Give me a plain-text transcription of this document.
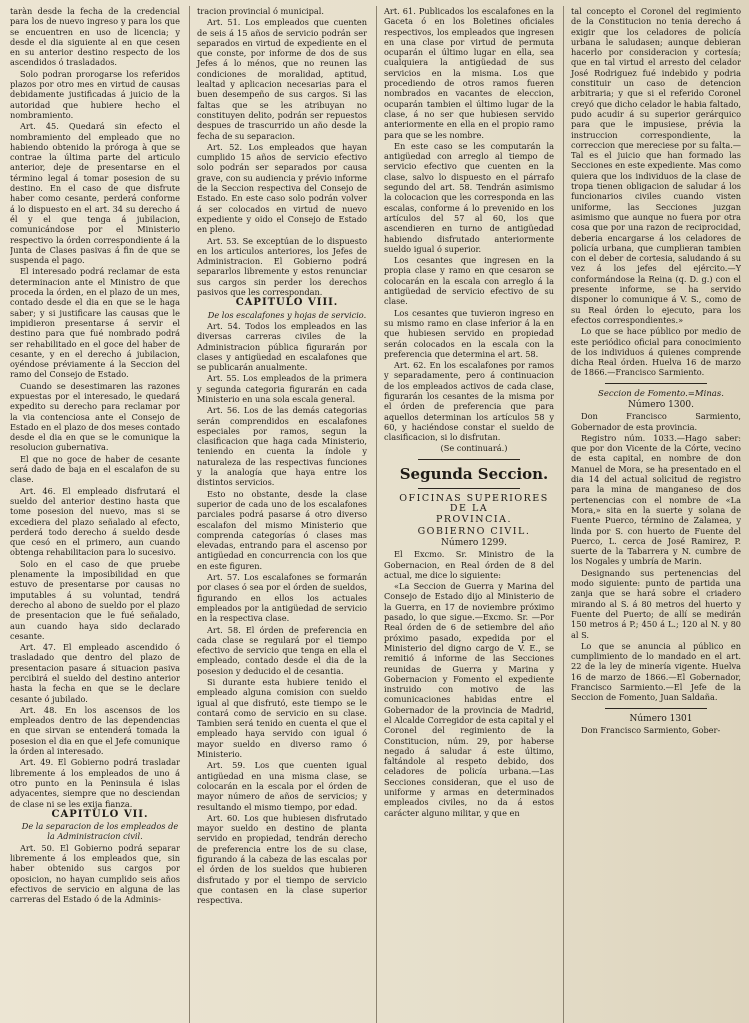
taràn desde la fecha de la credencial para los de nuevo ingreso y para los que se encuentren en uso de licencia; y desde el dia siguiente al en que cesen en su anterior destino respecto de los ascendidos ó trasladados.

Solo podran prorogarse los referidos plazos por otro mes en virtud de causas debidamente justificadas á juicio de la autoridad que hubiere hecho el nombramiento.

Art. 45. Quedará sin efecto el nombramiento del empleado que no habiendo obtenido la próroga à que se contrae la última parte del articulo anterior, deje de presentarse en el término legal á tomar posesion de su destino. En el caso de que disfrute haber como cesante, perderá conforme á lo dispuesto en el art. 34 su derecho á él y el que tenga á jubilacion, comunicándose por el Ministerio respectivo la órden correspondiente á la Junta de Clases pasivas á fin de que se suspenda el pago.

El interesado podrá reclamar de esta determinacion ante el Ministro de que proceda la órden, en el plazo de un mes, contado desde el dia en que se le haga saber; y si justificare las causas que le impidieron presentarse á servir el destino para que fué nombrado podrá ser rehabilitado en el goce del haber de cesante, y en el derecho á jubilacion, oyéndose préviamente á la Seccion del ramo del Consejo de Estado.

Cuando se desestimaren las razones expuestas por el interesado, le quedará expedito su derecho para reclamar por la via contenciosa ante el Consejo de Estado en el plazo de dos meses contado desde el dia en que se le comunique la resolucion gubernativa.

El que no goce de haber de cesante será dado de baja en el escalafon de su clase.

Art. 46. El empleado disfrutará el sueldo del anterior destino hasta que tome posesion del nuevo, mas si se excediera del plazo señalado al efecto, perderá todo derecho á sueldo desde que cesó en el primero, aun cuando obtenga rehabilitacion para lo sucesivo.

Solo en el caso de que pruebe plenamente la imposibilidad en que estuvo de presentarse por causas no imputables á su voluntad, tendrá derecho al abono de sueldo por el plazo de presentacion que le fué señalado, aun cuando haya sido declarado cesante.

Art. 47. El empleado ascendido ó trasladado que dentro del plazo de presentacion pasare á situacion pasiva percibirá el sueldo del destino anterior hasta la fecha en que se le declare cesante ó jubilado.

Art. 48. En los ascensos de los empleados dentro de las dependencias en que sirvan se entenderá tomada la posesion el dia en que el Jefe comunique la órden al interesado.

Art. 49. El Gobierno podrá trasladar libremente á los empleados de uno á otro punto en la Peninsula é islas adyacentes, siempre que no desciendan de clase ni se les exija fianza.

CAPITULO VII.

De la separacion de los empleados de la Administracion civil.

Art. 50. El Gobierno podrá separar libremente á los empleados que, sin haber obtenido sus cargos por oposicion, no hayan cumplido seis años efectivos de servicio en alguna de las carreras del Estado ó de la Adminis-

tracion provincial ó municipal.

Art. 51. Los empleados que cuenten de seis á 15 años de servicio podrán ser separados en virtud de expediente en el que conste, por informe de dos de sus Jefes á lo ménos, que no reunen las condiciones de moralidad, aptitud, lealtad y aplicacion necesarias para el buen desempeño de sus cargos. Si las faltas que se les atribuyan no constituyen delito, podrán ser repuestos despues de trascurrido un año desde la fecha de su separacion.

Art. 52. Los empleados que hayan cumplido 15 años de servicio efectivo solo podrán ser separados por causa grave, con su audiencia y prévio informe de la Seccion respectiva del Consejo de Estado. En este caso solo podrán volver á ser colocados en virtud de nuevo expediente y oido el Consejo de Estado en pleno.

Art. 53. Se exceptúan de lo dispuesto en los articulos anteriores, los Jefes de Administracion. El Gobierno podrá separarlos libremente y estos renunciar sus cargos sin perder los derechos pasivos que les correspondan.

CAPITULO VIII.

De los escalafones y hojas de servicio.

Art. 54. Todos los empleados en las diversas carreras civiles de la Administracion pública figurarán por clases y antigüedad en escalafones que se publicarán anualmente.

Art. 55. Los empleados de la primera y segunda categoria figurarán en cada Ministerio en una sola escala general.

Art. 56. Los de las demás categorias serán comprendidos en escalafones especiales por ramos, segun la clasificacion que haga cada Ministerio, teniendo en cuenta la índole y naturaleza de las respectivas funciones y la analogía que haya entre los distintos servicios.

Esto no obstante, desde la clase superior de cada uno de los escalafones parciales podrá pasarse á otro diverso escalafon del mismo Ministerio que comprenda categorías ó clases mas elevadas, entrando para el ascenso por antigüedad en concurrencia con los que en este figuren.

Art. 57. Los escalafones se formarán por clases ó sea por el órden de sueldos, figurando en ellos los actuales empleados por la antigüedad de servicio en la respectiva clase.

Art. 58. El órden de preferencia en cada clase se regulará por el tiempo efectivo de servicio que tenga en ella el empleado, contado desde el dia de la posesion y deducido el de cesantia.

Si durante esta hubiere tenido el empleado alguna comision con sueldo igual al que disfrutó, este tiempo se le contará como de servicio en su clase. Tambien será tenido en cuenta el que el empleado haya servido con igual ó mayor sueldo en diverso ramo ó Ministerio.

Art. 59. Los que cuenten igual antigüedad en una misma clase, se colocarán en la escala por el órden de mayor número de años de servicios; y resultando el mismo tiempo, por edad.

Art. 60. Los que hubiesen disfrutado mayor sueldo en destino de planta servido en propiedad, tendrán derecho de preferencia entre los de su clase, figurando á la cabeza de las escalas por el órden de los sueldos que hubieren disfrutado y por el tiempo de servicio que contasen en la clase superior respectiva.

Art. 61. Publicados los escalafones en la Gaceta ó en los Boletines oficiales respectivos, los empleados que ingresen en una clase por virtud de permuta ocuparán el último lugar en ella, sea cualquiera la antigüedad de sus servicios en la misma. Los que procediendo de otros ramos fueren nombrados en vacantes de eleccion, ocuparán tambien el último lugar de la clase, á no ser que hubiesen servido anteriormente en ella en el propio ramo para que se les nombre.

En este caso se les computarán la antigüedad con arreglo al tiempo de servicio efectivo que cuenten en la clase, salvo lo dispuesto en el párrafo segundo del art. 58. Tendrán asimismo la colocacion que les corresponda en las escalas, conforme á lo prevenido en los artículos del 57 al 60, los que ascendieren en turno de antigüedad habiendo disfrutado anteriormente sueldo igual ó superior.

Los cesantes que ingresen en la propia clase y ramo en que cesaron se colocarán en la escala con arreglo á la antigüedad de servicio efectivo de su clase.

Los cesantes que tuvieron ingreso en su mismo ramo en clase inferior á la en que hubiesen servido en propiedad serán colocados en la escala con la preferencia que determina el art. 58.

Art. 62. En los escalafones por ramos y separadamente, pero á continuacion de los empleados activos de cada clase, figurarán los cesantes de la misma por el órden de preferencia que para aquellos determinan los artículos 58 y 60, y haciéndose constar el sueldo de clasificacion, si lo disfrutan.

(Se continuará.)

Segunda Seccion.

OFICINAS SUPERIORES DE LA

PROVINCIA.

GOBIERNO CIVIL.

Número 1299.

El Excmo. Sr. Ministro de la Gobernacion, en Real órden de 8 del actual, me dice lo siguiente:

«La Seccion de Guerra y Marina del Consejo de Estado dijo al Ministerio de la Guerra, en 17 de noviembre próximo pasado, lo que sigue.—Excmo. Sr. —Por Real órden de 6 de setiembre del año próximo pasado, expedida por el Ministerio del digno cargo de V. E., se remitió á informe de las Secciones reunidas de Guerra y Marina y Gobernacion y Fomento el expediente instruido con motivo de las comunicaciones habidas entre el Gobernador de la provincia de Madrid, el Alcalde Corregidor de esta capital y el Coronel del regimiento de la Constitucion, núm. 29, por haberse negado á saludar á este último, faltándole al respeto debido, dos celadores de policía urbana.—Las Secciones consideran, que el uso de uniforme y armas en determinados empleados civiles, no da á estos carácter alguno militar, y que en

tal concepto el Coronel del regimiento de la Constitucion no tenia derecho á exigir que los celadores de policía urbana le saludasen; aunque debieran hacerlo por consideracion y cortesía; que en tal virtud el arresto del celador José Rodriguez fué indebido y podria constituir un caso de detencion arbitraria; y que si el referido Coronel creyó que dicho celador le habia faltado, pudo acudir á su superior gerárquico para que le impusiese, prévia la instruccion correspondiente, la correccion que mereciese por su falta.—Tal es el juicio que han formado las Secciones en este expediente. Mas como quiera que los individuos de la clase de tropa tienen obligacion de saludar á los funcionarios civiles cuando visten uniforme, las Secciones juzgan asimismo que aunque no fuera por otra cosa que por una razon de reciprocidad, deberia encargarse á los celadores de policía urbana, que cumplieran tambien con el deber de cortesia, saludando á su vez á los jefes del ejército.—Y conformándose la Reina (q. D. g.) con el presente informe, se ha servido disponer lo comunique á V. S., como de su Real órden lo ejecuto, para los efectos correspondientes.»

Lo que se hace público por medio de este periódico oficial para conocimiento de los individuos á quienes comprende dicha Real órden. Huelva 16 de marzo de 1866.—Francisco Sarmiento.

Seccion de Fomento.=Minas.

Número 1300.

Don Francisco Sarmiento, Gobernador de esta provincia.

Registro núm. 1033.—Hago saber: que por don Vicente de la Córte, vecino de esta capital, en nombre de don Manuel de Mora, se ha presentado en el dia 14 del actual solicitud de registro para la mina de manganeso de dos pertenencias con el nombre de «La Mora,» sita en la suerte y solana de Fuente Puerco, término de Zalamea, y linda por S. con huerto de Fuente del Puerco, L. cerca de José Ramirez, P. suerte de la Tabarrera y N. cumbre de los Nogales y umbría de Marin.

Designando sus pertenencias del modo siguiente: punto de partida una zanja que se hará sobre el criadero mirando al S. á 80 metros del huerto y Fuente del Puerto; de allí se medirán 150 metros á P.; 450 á L.; 120 al N. y 80 al S.

Lo que se anuncia al público en cumplimiento de lo mandado en el art. 22 de la ley de minería vigente. Huelva 16 de marzo de 1866.—El Gobernador, Francisco Sarmiento.—El Jefe de la Seccion de Fomento, Juan Saldaña.

Número 1301

Don Francisco Sarmiento, Gober-
